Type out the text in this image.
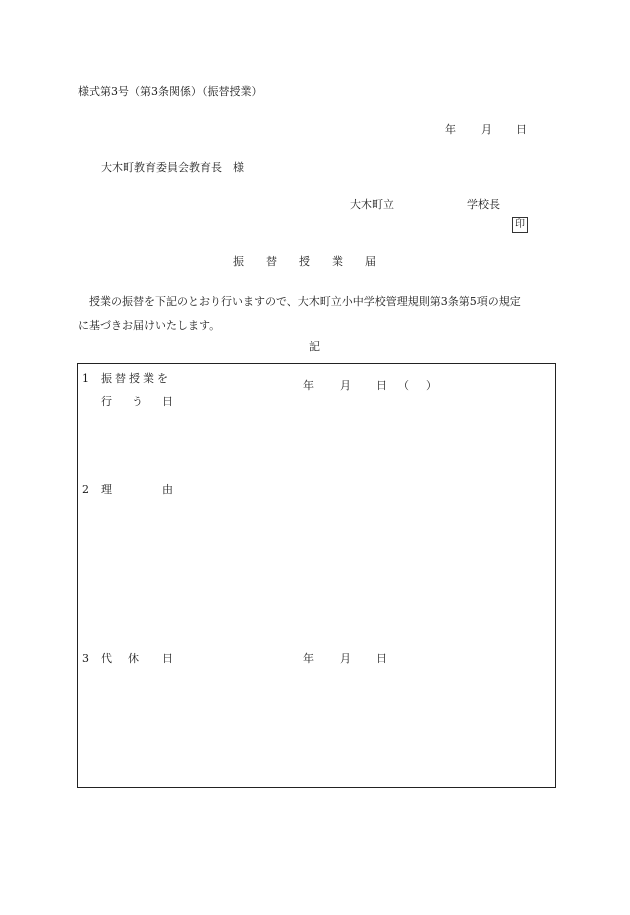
様式第3号（第3条関係）（振替授業）
年 月 日
大木町教育委員会教育長　様
大木町立	学校長
印
振替授業届
授業の振替を下記のとおり行いますので、大木町立小中学校管理規則第3条第5項の規定
に基づきお届けいたします。
記
1 振替授業を
行 う 日
年 月 日 （ ）
2 理	由
3 代 休 日	年 月 日
